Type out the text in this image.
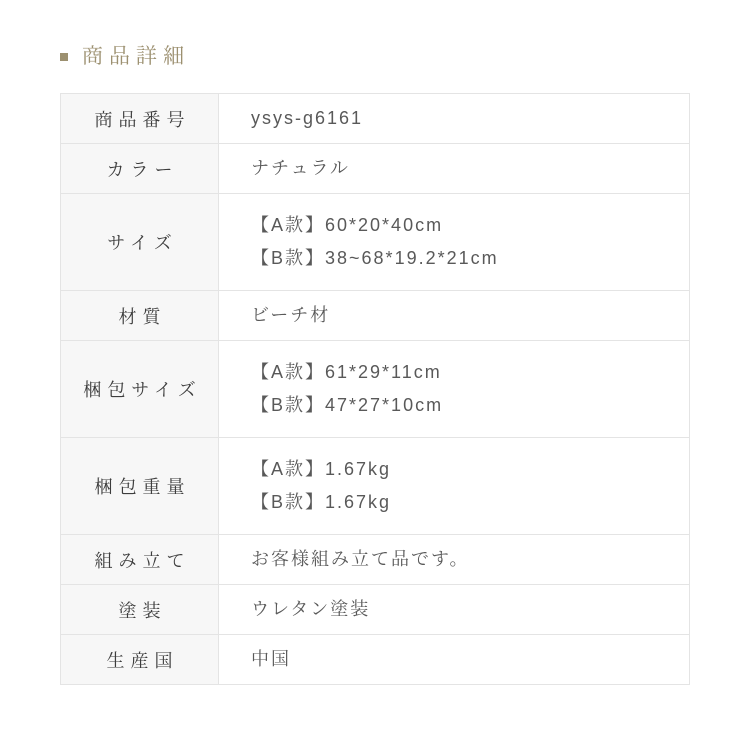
商品詳細
商品番号	ysys-g6161

カラー	ナチュラル

サイズ	【A款】60*20*40cm
【B款】38~68*19.2*21cm

材質	ビーチ材

梱包サイズ	【A款】61*29*11cm
【B款】47*27*10cm

梱包重量	【A款】1.67kg
【B款】1.67kg

組み立て	お客様組み立て品です。

塗装	ウレタン塗装

生産国	中国
